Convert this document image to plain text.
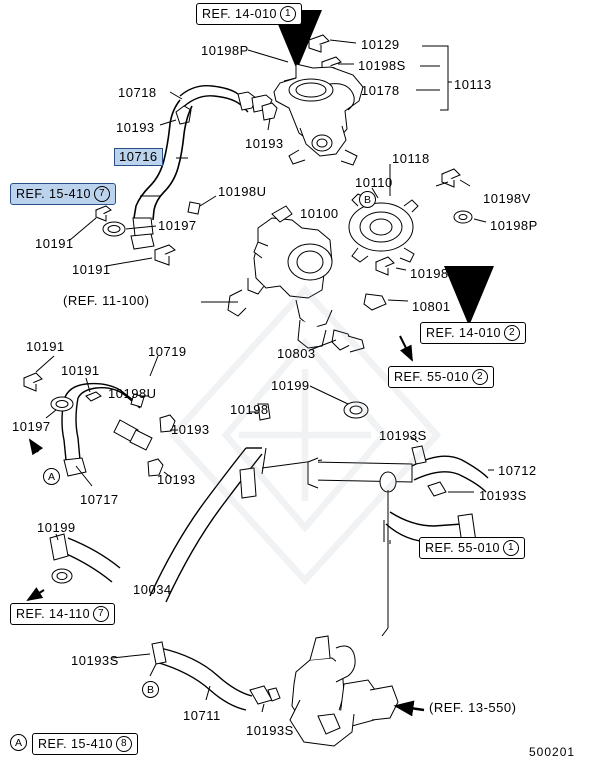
10198P	10129
10198S
10178	10113
10718
10193
10193
10716	10118
10110
10198U	10198V
10100
10197	10198P
10191
10191	10198T
10801
10803
10191	10719
10191
10199
10198U
10198
10197	10193	10193S
10193
10712
10717	10193S
10199
10034
10193S
10711
10193S
REF. 14-010 1
REF. 15-410 7
(REF. 11-100)
REF. 14-010 2
REF. 55-010 2
REF. 55-010 1
REF. 14-110 7
(REF. 13-550)
REF. 15-410 8
B
A
B
A
500201
